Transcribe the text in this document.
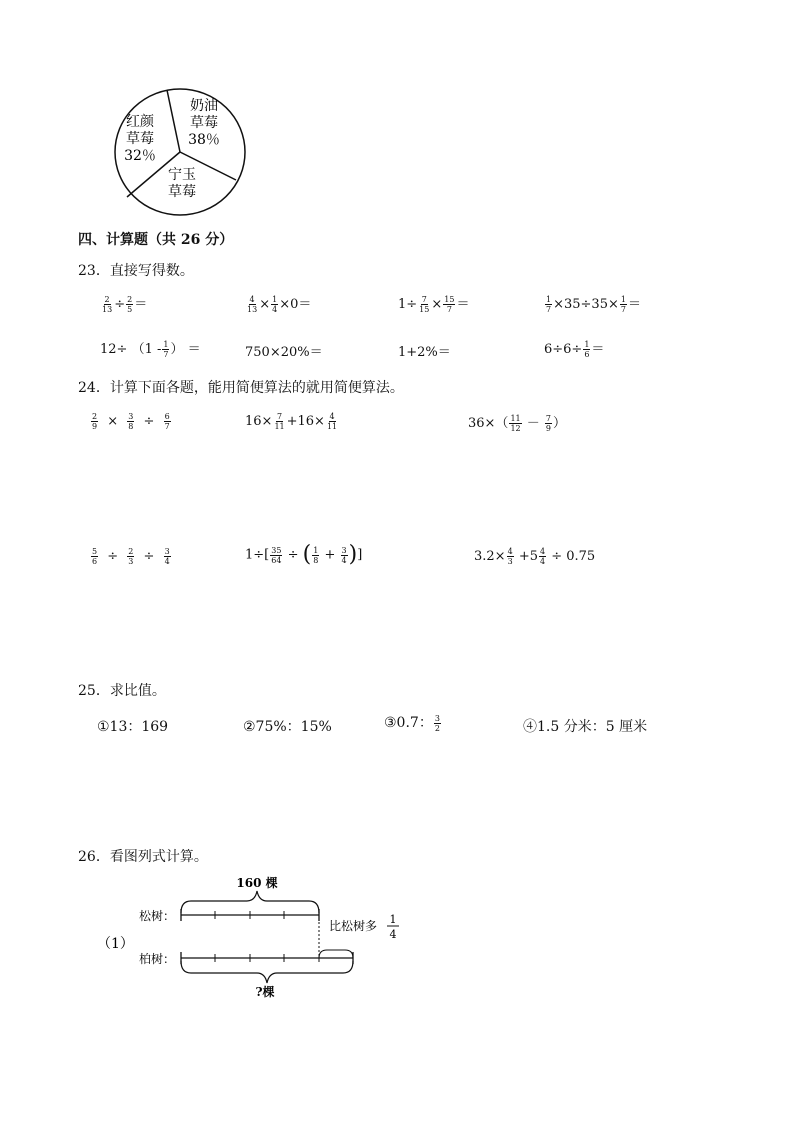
奶油
草莓
38％
红颜
草莓
32％
宁玉
草莓
四、计算题（共 26 分）
23．直接写得数。
$\frac{2}{13} \div \frac{2}{5}$ ＝	$\frac{4}{13} \times \frac{1}{4} \times 0=$	$1\div \frac{7}{15} \times \frac{15}{7}$ ＝	$\frac{1}{7} \times 35\div 35\times \frac{1}{7}$ ＝
$12\div (1 - \frac{1}{7}$ ） ＝	750×20%＝	1+2%＝	$6\div 6\div \frac{1}{6}$ ＝
24．计算下面各题，能用简便算法的就用简便算法。
$\frac{2}{9} \times \frac{3}{8} \div \frac{6}{7}$	$16\times \frac{7}{11} +16\times \frac{4}{11}$	$36\times( \frac{11}{12} - \frac{7}{9}$ ）
$\frac{5}{6} \div \frac{2}{3} \div \frac{3}{4}$	$1\div[ \frac{35}{64}$ ÷ ( $\frac{1}{8} + \frac{3}{4}$ )]	$3.2\times \frac{4}{3} +5 \frac{4}{4} \div 0.75$
25．求比值。
①13：169	②75%：15%	③0.7： $\frac{3}{2}$	④1.5 分米：5 厘米
26．看图列式计算。
（1）
160 棵
松树：
比松树多 1
4
柏树：
?棵
